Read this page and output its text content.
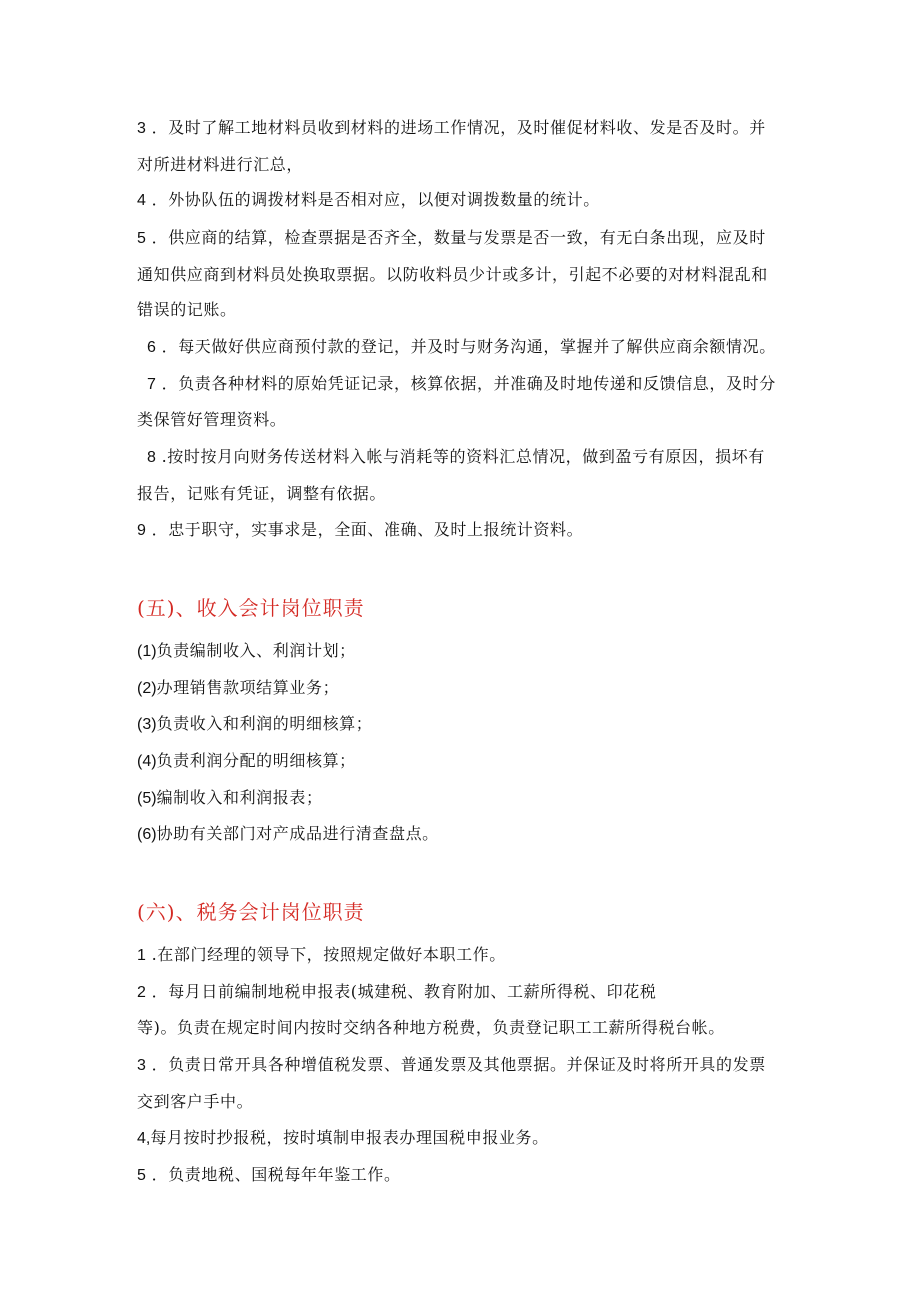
3 ．及时了解工地材料员收到材料的进场工作情况，及时催促材料收、发是否及时。并
对所进材料进行汇总，
4 ．外协队伍的调拨材料是否相对应，以便对调拨数量的统计。
5 ．供应商的结算，检查票据是否齐全，数量与发票是否一致，有无白条出现，应及时
通知供应商到材料员处换取票据。以防收料员少计或多计，引起不必要的对材料混乱和
错误的记账。
6 ．每天做好供应商预付款的登记，并及时与财务沟通，掌握并了解供应商余额情况。
7 ．负责各种材料的原始凭证记录，核算依据，并准确及时地传递和反馈信息，及时分
类保管好管理资料。
8 .按时按月向财务传送材料入帐与消耗等的资料汇总情况，做到盈亏有原因，损坏有
报告，记账有凭证，调整有依据。
9 ．忠于职守，实事求是，全面、准确、及时上报统计资料。
(五)、收入会计岗位职责
(1)负责编制收入、利润计划；
(2)办理销售款项结算业务；
(3)负责收入和利润的明细核算；
(4)负责利润分配的明细核算；
(5)编制收入和利润报表；
(6)协助有关部门对产成品进行清查盘点。
(六)、税务会计岗位职责
1 .在部门经理的领导下，按照规定做好本职工作。
2 ．每月日前编制地税申报表(城建税、教育附加、工薪所得税、印花税
等)。负责在规定时间内按时交纳各种地方税费，负责登记职工工薪所得税台帐。
3 ．负责日常开具各种增值税发票、普通发票及其他票据。并保证及时将所开具的发票
交到客户手中。
4,每月按时抄报税，按时填制申报表办理国税申报业务。
5 ．负责地税、国税每年年鉴工作。
